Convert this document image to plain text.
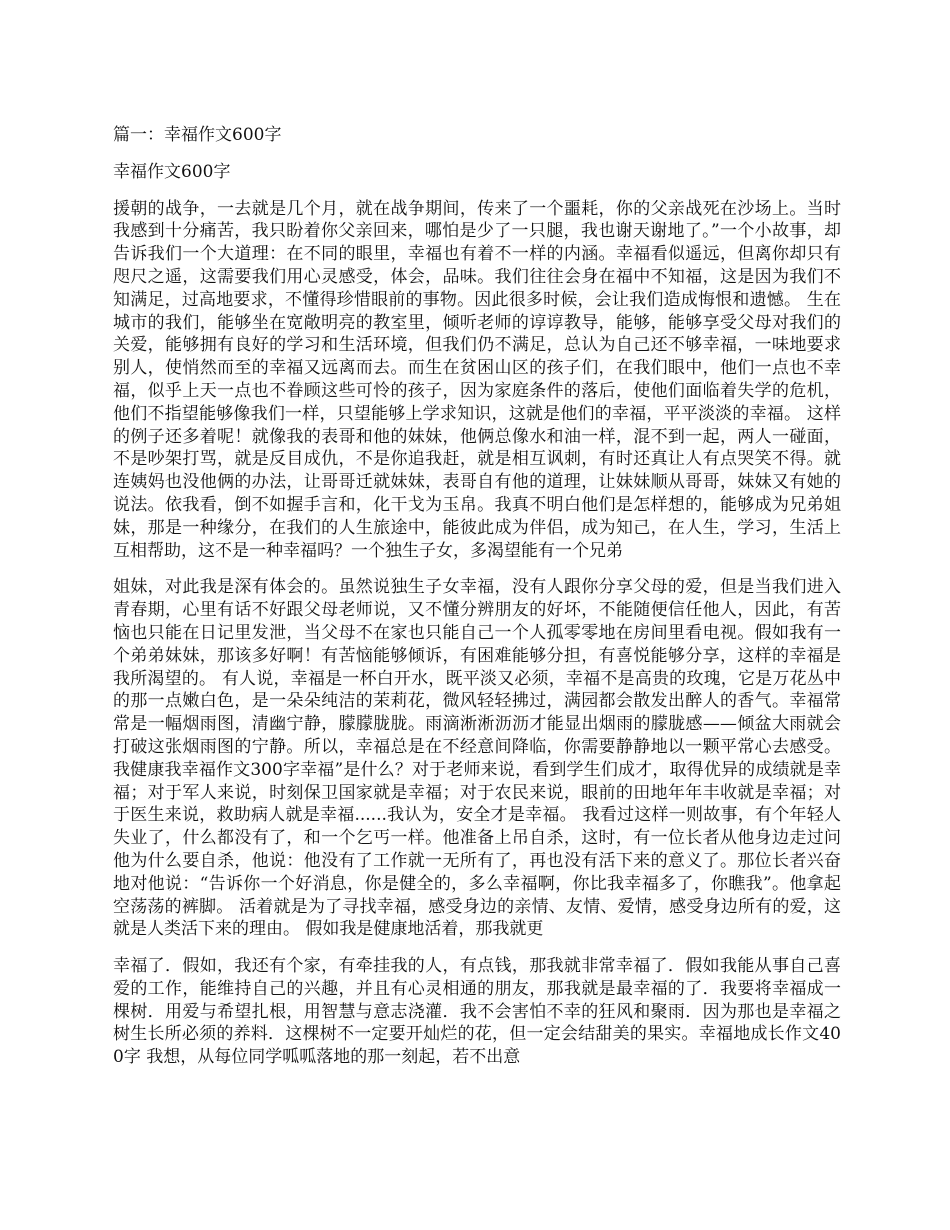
篇一：幸福作文600字
幸福作文600字

援朝的战争，一去就是几个月，就在战争期间，传来了一个噩耗，你的父亲战死在沙场上。当时我感到十分痛苦，我只盼着你父亲回来，哪怕是少了一只腿，我也谢天谢地了。”一个小故事，却告诉我们一个大道理：在不同的眼里，幸福也有着不一样的内涵。幸福看似遥远，但离你却只有咫尺之遥，这需要我们用心灵感受，体会，品味。我们往往会身在福中不知福，这是因为我们不知满足，过高地要求，不懂得珍惜眼前的事物。因此很多时候，会让我们造成悔恨和遗憾。 生在城市的我们，能够坐在宽敞明亮的教室里，倾听老师的谆谆教导，能够，能够享受父母对我们的关爱，能够拥有良好的学习和生活环境，但我们仍不满足，总认为自己还不够幸福，一味地要求别人，使悄然而至的幸福又远离而去。而生在贫困山区的孩子们，在我们眼中，他们一点也不幸福，似乎上天一点也不眷顾这些可怜的孩子，因为家庭条件的落后，使他们面临着失学的危机，他们不指望能够像我们一样，只望能够上学求知识，这就是他们的幸福，平平淡淡的幸福。 这样的例子还多着呢！就像我的表哥和他的妹妹，他俩总像水和油一样，混不到一起，两人一碰面，不是吵架打骂，就是反目成仇，不是你追我赶，就是相互讽刺，有时还真让人有点哭笑不得。就连姨妈也没他俩的办法，让哥哥迁就妹妹，表哥自有他的道理，让妹妹顺从哥哥，妹妹又有她的说法。依我看，倒不如握手言和，化干戈为玉帛。我真不明白他们是怎样想的，能够成为兄弟姐妹，那是一种缘分，在我们的人生旅途中，能彼此成为伴侣，成为知己，在人生，学习，生活上互相帮助，这不是一种幸福吗？一个独生子女，多渴望能有一个兄弟

姐妹，对此我是深有体会的。虽然说独生子女幸福，没有人跟你分享父母的爱，但是当我们进入青春期，心里有话不好跟父母老师说，又不懂分辨朋友的好坏，不能随便信任他人，因此，有苦恼也只能在日记里发泄，当父母不在家也只能自己一个人孤零零地在房间里看电视。假如我有一个弟弟妹妹，那该多好啊！有苦恼能够倾诉，有困难能够分担，有喜悦能够分享，这样的幸福是我所渴望的。 有人说，幸福是一杯白开水，既平淡又必须，幸福不是高贵的玫瑰，它是万花丛中的那一点嫩白色，是一朵朵纯洁的茉莉花，微风轻轻拂过，满园都会散发出醉人的香气。幸福常常是一幅烟雨图，清幽宁静，朦朦胧胧。雨滴淅淅沥沥才能显出烟雨的朦胧感——倾盆大雨就会打破这张烟雨图的宁静。所以，幸福总是在不经意间降临，你需要静静地以一颗平常心去感受。我健康我幸福作文300字幸福”是什么？对于老师来说，看到学生们成才，取得优异的成绩就是幸福；对于军人来说，时刻保卫国家就是幸福；对于农民来说，眼前的田地年年丰收就是幸福；对于医生来说，救助病人就是幸福......我认为，安全才是幸福。 我看过这样一则故事，有个年轻人失业了，什么都没有了，和一个乞丐一样。他准备上吊自杀，这时，有一位长者从他身边走过问他为什么要自杀，他说：他没有了工作就一无所有了，再也没有活下来的意义了。那位长者兴奋地对他说：“告诉你一个好消息，你是健全的，多么幸福啊，你比我幸福多了，你瞧我”。他拿起空荡荡的裤脚。 活着就是为了寻找幸福，感受身边的亲情、友情、爱情，感受身边所有的爱，这就是人类活下来的理由。 假如我是健康地活着，那我就更

幸福了．假如，我还有个家，有牵挂我的人，有点钱，那我就非常幸福了．假如我能从事自己喜爱的工作，能维持自己的兴趣，并且有心灵相通的朋友，那我就是最幸福的了．我要将幸福成一棵树．用爱与希望扎根，用智慧与意志浇灌．我不会害怕不幸的狂风和聚雨．因为那也是幸福之树生长所必须的养料．这棵树不一定要开灿烂的花，但一定会结甜美的果实。幸福地成长作文400字 我想，从每位同学呱呱落地的那一刻起，若不出意
